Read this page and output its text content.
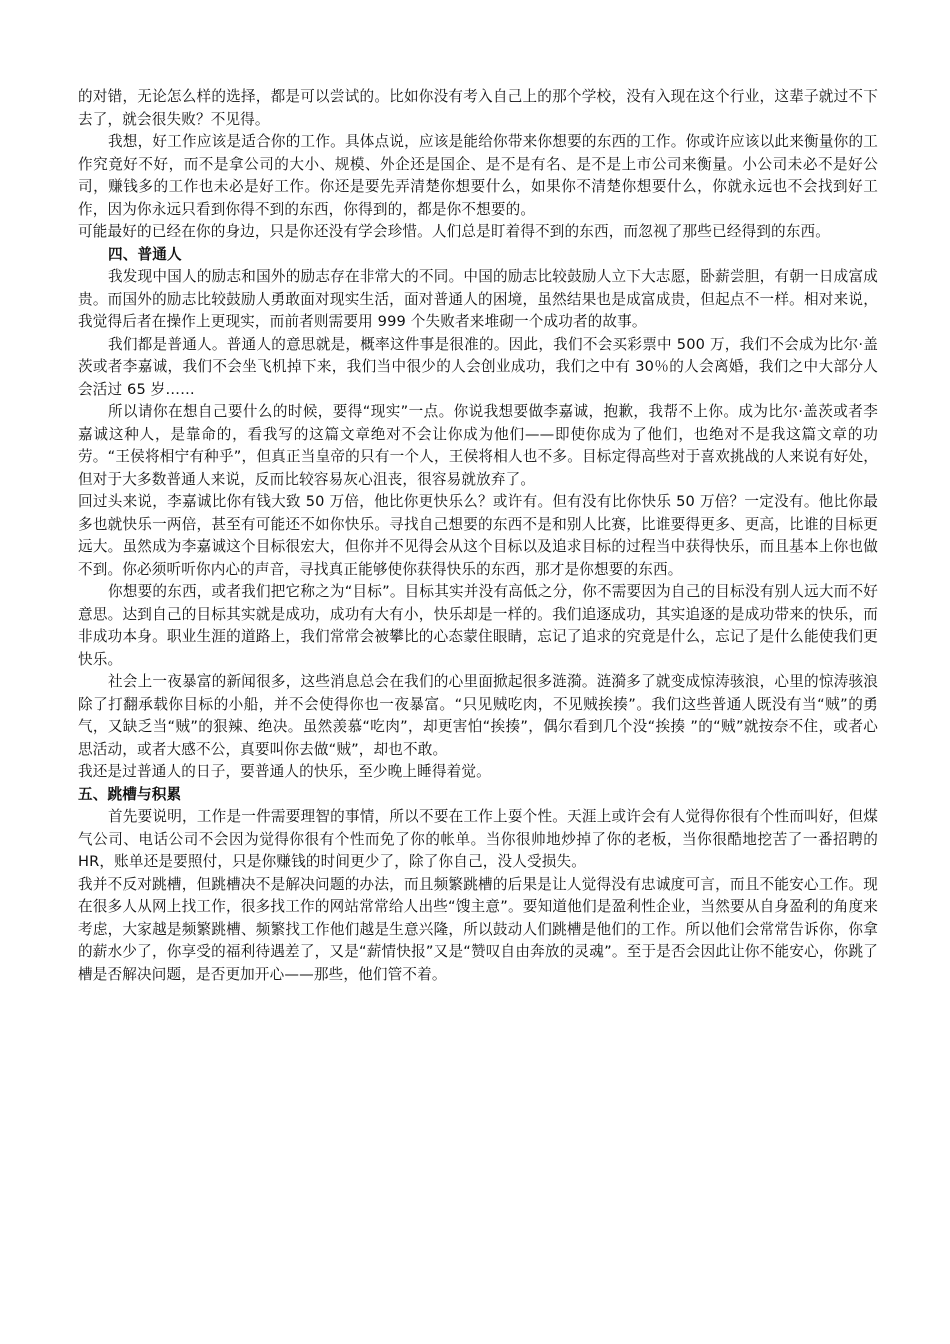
的对错，无论怎么样的选择，都是可以尝试的。比如你没有考入自己上的那个学校，没有入现在这个行业，这辈子就过不下去了，就会很失败？不见得。

我想，好工作应该是适合你的工作。具体点说，应该是能给你带来你想要的东西的工作。你或许应该以此来衡量你的工作究竟好不好，而不是拿公司的大小、规模、外企还是国企、是不是有名、是不是上市公司来衡量。小公司未必不是好公司，赚钱多的工作也未必是好工作。你还是要先弄清楚你想要什么，如果你不清楚你想要什么，你就永远也不会找到好工作，因为你永远只看到你得不到的东西，你得到的，都是你不想要的。

可能最好的已经在你的身边，只是你还没有学会珍惜。人们总是盯着得不到的东西，而忽视了那些已经得到的东西。

四、普通人

我发现中国人的励志和国外的励志存在非常大的不同。中国的励志比较鼓励人立下大志愿，卧薪尝胆，有朝一日成富成贵。而国外的励志比较鼓励人勇敢面对现实生活，面对普通人的困境，虽然结果也是成富成贵，但起点不一样。相对来说，我觉得后者在操作上更现实，而前者则需要用 999 个失败者来堆砌一个成功者的故事。

我们都是普通人。普通人的意思就是，概率这件事是很准的。因此，我们不会买彩票中 500 万，我们不会成为比尔·盖茨或者李嘉诚，我们不会坐飞机掉下来，我们当中很少的人会创业成功，我们之中有 30％的人会离婚，我们之中大部分人会活过 65 岁……

所以请你在想自己要什么的时候，要得“现实”一点。你说我想要做李嘉诚，抱歉，我帮不上你。成为比尔·盖茨或者李嘉诚这种人，是靠命的，看我写的这篇文章绝对不会让你成为他们——即使你成为了他们，也绝对不是我这篇文章的功劳。“王侯将相宁有种乎”，但真正当皇帝的只有一个人，王侯将相人也不多。目标定得高些对于喜欢挑战的人来说有好处，但对于大多数普通人来说，反而比较容易灰心沮丧，很容易就放弃了。

回过头来说，李嘉诚比你有钱大致 50 万倍，他比你更快乐么？或许有。但有没有比你快乐 50 万倍？一定没有。他比你最多也就快乐一两倍，甚至有可能还不如你快乐。寻找自己想要的东西不是和别人比赛，比谁要得更多、更高，比谁的目标更远大。虽然成为李嘉诚这个目标很宏大，但你并不见得会从这个目标以及追求目标的过程当中获得快乐，而且基本上你也做不到。你必须听听你内心的声音，寻找真正能够使你获得快乐的东西，那才是你想要的东西。

你想要的东西，或者我们把它称之为“目标”。目标其实并没有高低之分，你不需要因为自己的目标没有别人远大而不好意思。达到自己的目标其实就是成功，成功有大有小，快乐却是一样的。我们追逐成功，其实追逐的是成功带来的快乐，而非成功本身。职业生涯的道路上，我们常常会被攀比的心态蒙住眼睛，忘记了追求的究竟是什么，忘记了是什么能使我们更快乐。

社会上一夜暴富的新闻很多，这些消息总会在我们的心里面掀起很多涟漪。涟漪多了就变成惊涛骇浪，心里的惊涛骇浪除了打翻承载你目标的小船，并不会使得你也一夜暴富。“只见贼吃肉，不见贼挨揍”。我们这些普通人既没有当“贼”的勇气，又缺乏当“贼”的狠辣、绝决。虽然羡慕“吃肉”，却更害怕“挨揍”，偶尔看到几个没“挨揍 ”的“贼”就按奈不住，或者心思活动，或者大感不公，真要叫你去做“贼”，却也不敢。

我还是过普通人的日子，要普通人的快乐，至少晚上睡得着觉。

五、跳槽与积累

首先要说明，工作是一件需要理智的事情，所以不要在工作上耍个性。天涯上或许会有人觉得你很有个性而叫好，但煤气公司、电话公司不会因为觉得你很有个性而免了你的帐单。当你很帅地炒掉了你的老板，当你很酷地挖苦了一番招聘的 HR，账单还是要照付，只是你赚钱的时间更少了，除了你自己，没人受损失。

我并不反对跳槽，但跳槽决不是解决问题的办法，而且频繁跳槽的后果是让人觉得没有忠诚度可言，而且不能安心工作。现在很多人从网上找工作，很多找工作的网站常常给人出些“馊主意”。要知道他们是盈利性企业，当然要从自身盈利的角度来考虑，大家越是频繁跳槽、频繁找工作他们越是生意兴隆，所以鼓动人们跳槽是他们的工作。所以他们会常常告诉你，你拿的薪水少了，你享受的福利待遇差了，又是“薪情快报”又是“赞叹自由奔放的灵魂”。至于是否会因此让你不能安心，你跳了槽是否解决问题，是否更加开心——那些，他们管不着。
